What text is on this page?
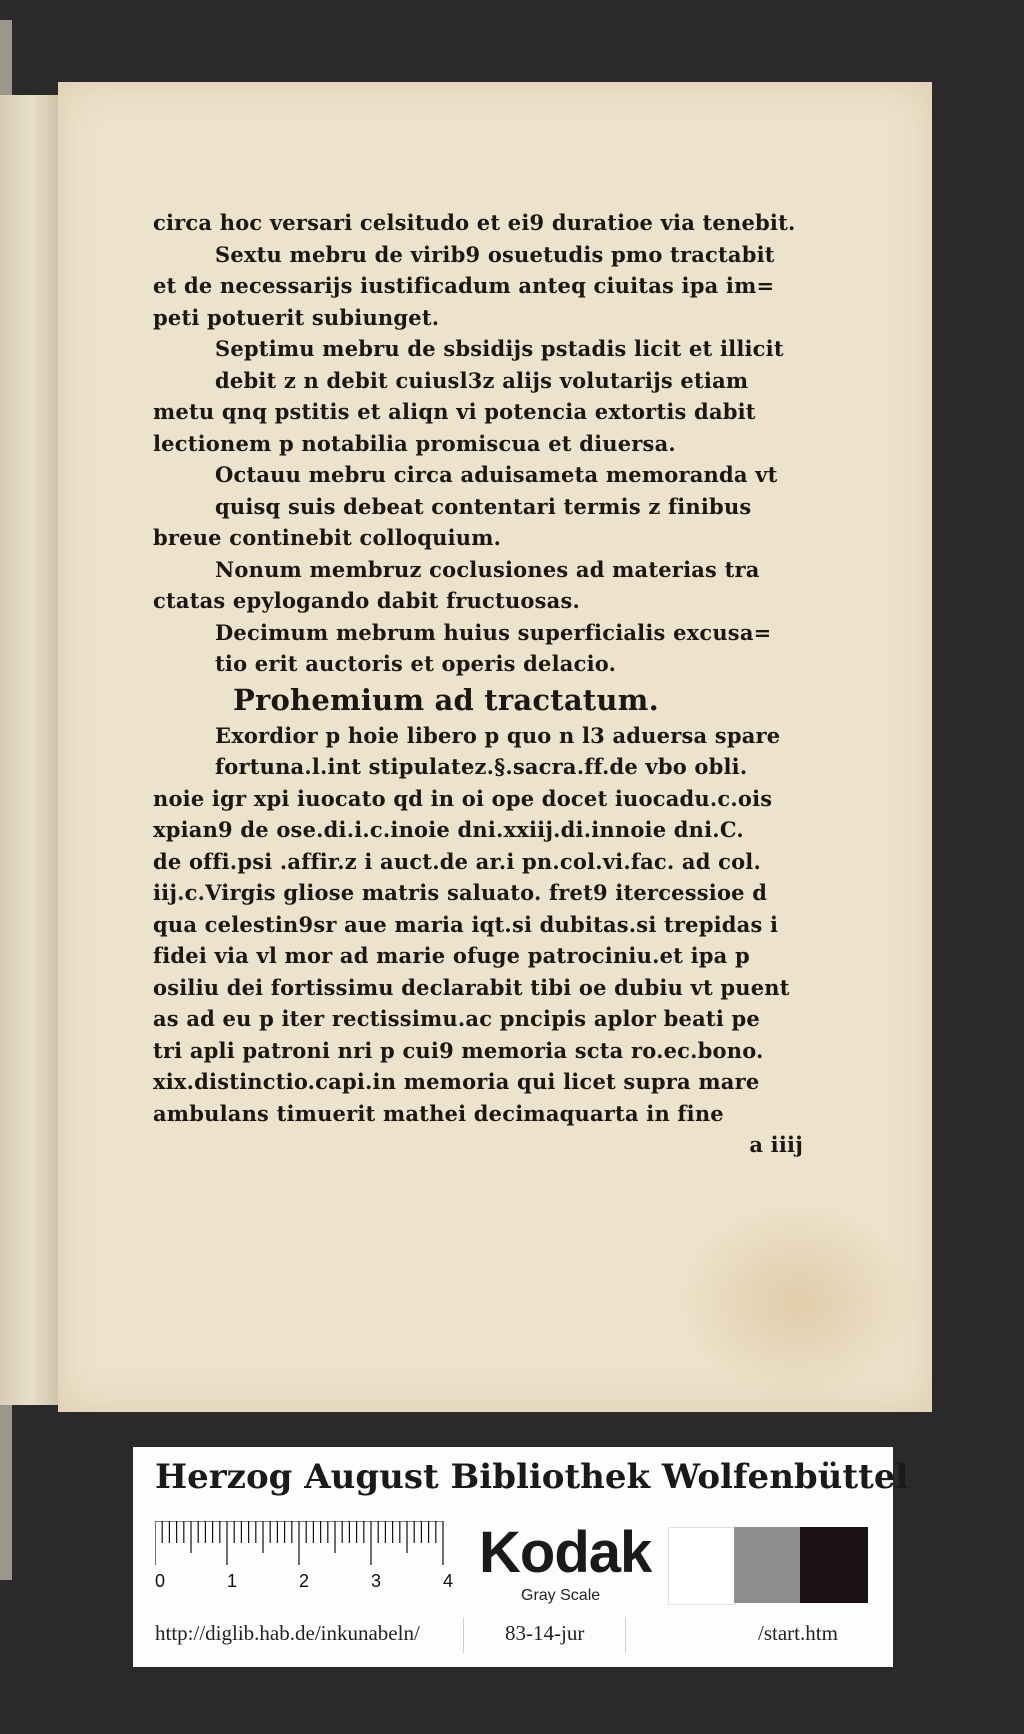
circa hoc versari celsitudo et ei9 duratioe via tenebit.
Sextu mebru de virib9 osuetudis pmo tractabit
et de necessarijs iustificadum anteq ciuitas ipa im=
peti potuerit subiunget.
Septimu mebru de sbsidijs pstadis licit et illicit
debit z n debit cuiusl3z alijs volutarijs etiam
metu qnq pstitis et aliqn vi potencia extortis dabit
lectionem p notabilia promiscua et diuersa.
Octauu mebru circa aduisameta memoranda vt
quisq suis debeat contentari termis z finibus
breue continebit colloquium.
Nonum membruz coclusiones ad materias tra
ctatas epylogando dabit fructuosas.
Decimum mebrum huius superficialis excusa=
tio erit auctoris et operis delacio.
Prohemium ad tractatum.
Exordior p hoie libero p quo n l3 aduersa spare
fortuna.l.int stipulatez.§.sacra.ff.de vbo obli.
noie igr xpi iuocato qd in oi ope docet iuocadu.c.ois
xpian9 de ose.di.i.c.inoie dni.xxiij.di.innoie dni.C.
de offi.psi .affir.z i auct.de ar.i pn.col.vi.fac. ad col.
iij.c.Virgis gliose matris saluato. fret9 itercessioe d
qua celestin9sr aue maria iqt.si dubitas.si trepidas i
fidei via vl mor ad marie ofuge patrociniu.et ipa p
osiliu dei fortissimu declarabit tibi oe dubiu vt puent
as ad eu p iter rectissimu.ac pncipis aplor beati pe
tri apli patroni nri p cui9 memoria scta ro.ec.bono.
xix.distinctio.capi.in memoria qui licet supra mare
ambulans timuerit mathei decimaquarta in fine
a iiij
Herzog August Bibliothek Wolfenbüttel
0	1	2	3	4 Kodak
Gray Scale
http://diglib.hab.de/inkunabeln/	83-14-jur	/start.htm
